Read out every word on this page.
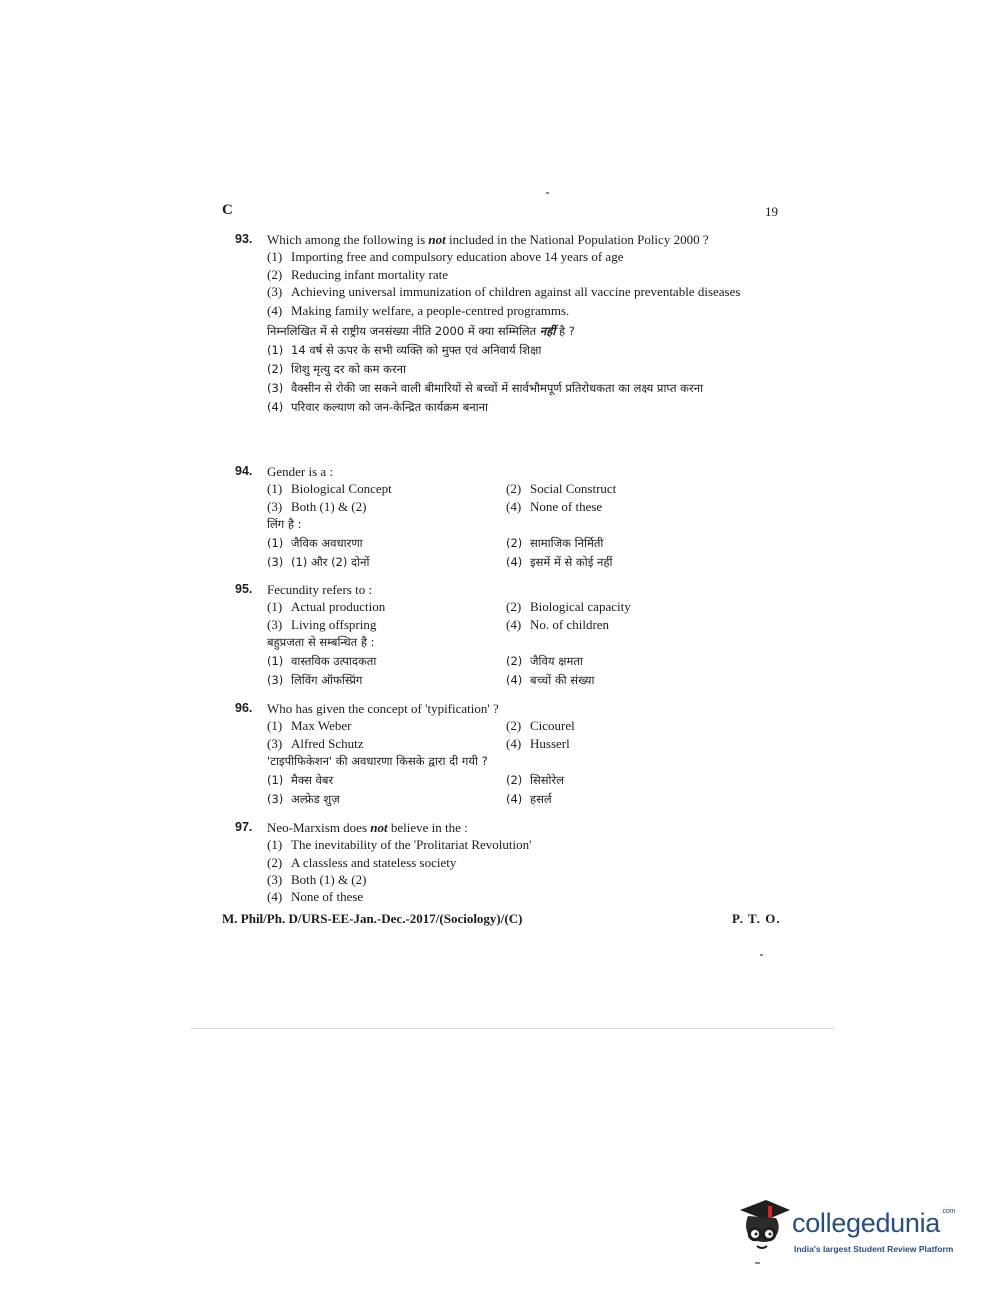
C	19
93. Which among the following is not included in the National Population Policy 2000 ?
(1) Importing free and compulsory education above 14 years of age
(2) Reducing infant mortality rate
(3) Achieving universal immunization of children against all vaccine preventable diseases
(4) Making family welfare, a people-centred programms.
निम्नलिखित में से राष्ट्रीय जनसंख्या नीति 2000 में क्या सम्मिलित नहीं है ?
(1) 14 वर्ष से ऊपर के सभी व्यक्ति को मुफ्त एवं अनिवार्य शिक्षा
(2) शिशु मृत्यु दर को कम करना
(3) वैक्सीन से रोकी जा सकने वाली बीमारियों से बच्चों में सार्वभौमपूर्ण प्रतिरोधकता का लक्ष्य प्राप्त करना
(4) परिवार कल्याण को जन-केन्द्रित कार्यक्रम बनाना
94. Gender is a :
(1) Biological Concept	(2) Social Construct
(3) Both (1) & (2)	(4) None of these
लिंग है :
(1) जैविक अवधारणा	(2) सामाजिक निर्मिती
(3) (1) और (2) दोनों	(4) इसमें में से कोई नहीं
95. Fecundity refers to :
(1) Actual production	(2) Biological capacity
(3) Living offspring	(4) No. of children
बहुप्रजता से सम्बन्धित है :
(1) वास्तविक उत्पादकता	(2) जैविय क्षमता
(3) लिविंग ऑफस्प्रिंग	(4) बच्चों की संख्या
96. Who has given the concept of 'typification' ?
(1) Max Weber	(2) Cicourel
(3) Alfred Schutz	(4) Husserl
'टाइपीफिकेशन' की अवधारणा किसके द्वारा दी गयी ?
(1) मैक्स वेबर	(2) सिसोरेल
(3) अल्फ्रेड शुज़	(4) हसर्ल
97. Neo-Marxism does not believe in the :
(1) The inevitability of the 'Prolitariat Revolution'
(2) A classless and stateless society
(3) Both (1) & (2)
(4) None of these
M. Phil/Ph. D/URS-EE-Jan.-Dec.-2017/(Sociology)/(C)	P. T. O.
collegedunia$^{.com}$
India's largest Student Review Platform
